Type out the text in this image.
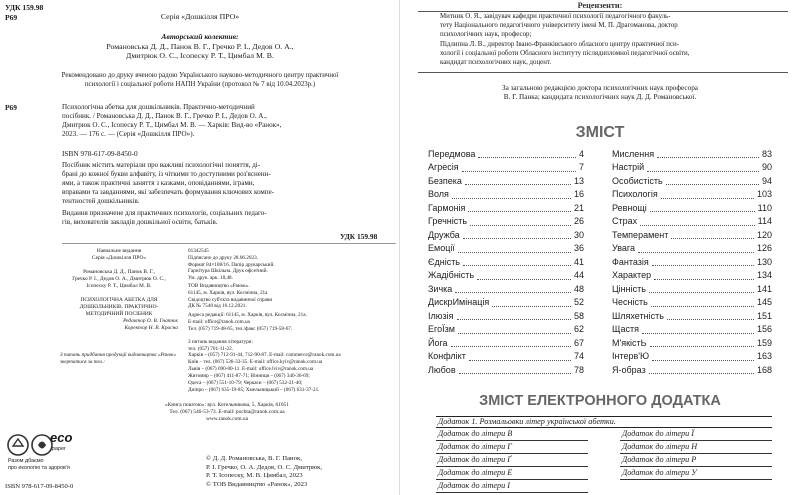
УДК 159.98
Р69	Серія «Дошкілля ПРО»
Авторський колектив:
Романовська Д. Д., Панок В. Г., Гречко Р. І., Дедов О. А.,
Дмитрюк О. С., Ісопеску Р. Т., Цимбал М. В.
Рекомендовано до друку вченою радою Українського науково-методичного центру практичної
психології і соціальної роботи НАПН України (протокол № 7 від 10.04.2023р.)
Р69	Психологічна абетка для дошкільників. Практично-методичний
посібник. / Романовська Д. Д., Панок В. Г., Гречко Р. І., Дедов О. А.,
Дмитрюк О. С., Ісопеску Р. Т., Цимбал М. В. — Харків: Вид-во «Ранок»,
2023. — 176 с. — (Серія «Дошкілля ПРО»).
ISBN 978-617-09-8450-0
Посібник містить матеріали про важливі психологічні поняття, ді-
брані до кожної букви алфавіту, із чіткими то доступними роз'ясненн-
ями, а також практичні заняття з казками, оповіданнями, іграми,
вправами та завданнями, які забезпечать формування ключових компе-
тентностей дошкільників.
Видання призначене для практичних психологів, соціальних педаго-
гів, вихователів закладів дошкільної освіти, батьків.
УДК 159.98
Навчальне видання
Серія «Дошкілля ПРО»

Романовська Д. Д., Панок В. Г.,
Гречко Р. І., Дедов О. А., Дмитрюк О. С.,
Ісопеску Р. Т., Цимбал М. В.

ПСИХОЛОГІЧНА АБЕТКА ДЛЯ
ДОШКІЛЬНИКІВ. ПРАКТИЧНО-
МЕТОДИЧНИЙ ПОСІБНИК
Редактор О. В. Гнатюк
Коректор Н. В. Красна
01342545
Підписано до друку 28.06.2023.
Формат 84×108/16. Папір друкарський.
Гарнітура Шкільна. Друк офсетний.
Ум. друк. арк. 18,48.
ТОВ Видавництво «Ранок».
61145, м. Харків, вул. Космічна, 21а
Свідоцтво суб'єкта видавничої справи
ДК № 7548 від 16.12.2021.
Адреса редакції: 61145, м. Харків, вул. Космічна, 21а.
E-mail: office@ranok.com.ua
Тел. (057) 719-48-65, тел./факс (057) 719-58-67.

З питань видання літератури:
тел. (057) 701-11-22.
З питань придбання продукції видавництва «Ранок» звертатися за тел.:
Харків – (057) 712-91-44, 712-90-87. E-mail: commerce@ranok.com.ua
Київ – тел. (067) 536-33-35. E-mail: office.kyiv@ranok.com.ua
Львів – (067) 690-00-11. E-mail: office.lviv@ranok.com.ua
Житомир – (067) 411-87-71; Вінниця – (067) 340-36-69;
Одеса – (067) 551-10-79; Черкаси – (067) 532-21-40;
Дніпро – (067) 635-19-85; Хмельницький – (067) 631-37-21.
«Книга поштою»: вул. Котельникова, 5, Харків, 61051
Тел. (067) 546-53-73. E-mail: pochta@ranok.com.ua
www.ranok.com.ua
eco
paper
Разом дбаємо
про екологію та здоров'я
ISBN 978-617-09-8450-0
© Д. Д. Романовська, В. Г. Панок,
Р. І. Гречко, О. А. Дедов, О. С. Дмитрюк,
Р. Т. Ісопеску, М. В. Цимбал, 2023
© ТОВ Видавництво «Ранок», 2023
Рецензенти:
Митник О. Я., завідувач кафедри практичної психології педагогічного факуль-
тету Національного педагогічного університету імені М. П. Драгоманова, доктор
психологічних наук, професор;
Підлипна Л. В., директор Івано-Франківського обласного центру практичної пси-
хології і соціальної роботи Обласного інституту післядипломної педагогічної освіти,
кандидат психологічних наук, доцент.
За загальною редакцією доктора психологічних наук професора
В. Г. Панка; кандидата психологічних наук Д. Д. Романовської.
ЗМІСТ
Передмова	4
Агресія	7
Безпека	13
Воля	16
Гармонія	21
Гречність	26
Дружба	30
Емоції	36
Єдність	41
Жадібність	44
Зичка	48
ДискрИмінація	52
Ілюзія	58
ЕгоЇзм	62
Йога	67
Конфлікт	74
Любов	78
Мислення	83
Настрій	90
Особистість	94
Психологія	103
Ревнощі	110
Страх	114
Темперамент	120
Увага	126
Фантазія	130
Характер	134
Цінність	141
Чесність	145
Шляхетність	151
Щастя	156
М'якістЬ	159
Інтерв'Ю	163
Я-образ	168
ЗМІСТ ЕЛЕКТРОННОГО ДОДАТКА
Додаток 1. Розмальовки літер української абетки.
Додаток до літери В
Додаток до літери Г
Додаток до літери Ґ
Додаток до літери Е
Додаток до літери І
Додаток до літери Ї
Додаток до літери Н
Додаток до літери Р
Додаток до літери У
